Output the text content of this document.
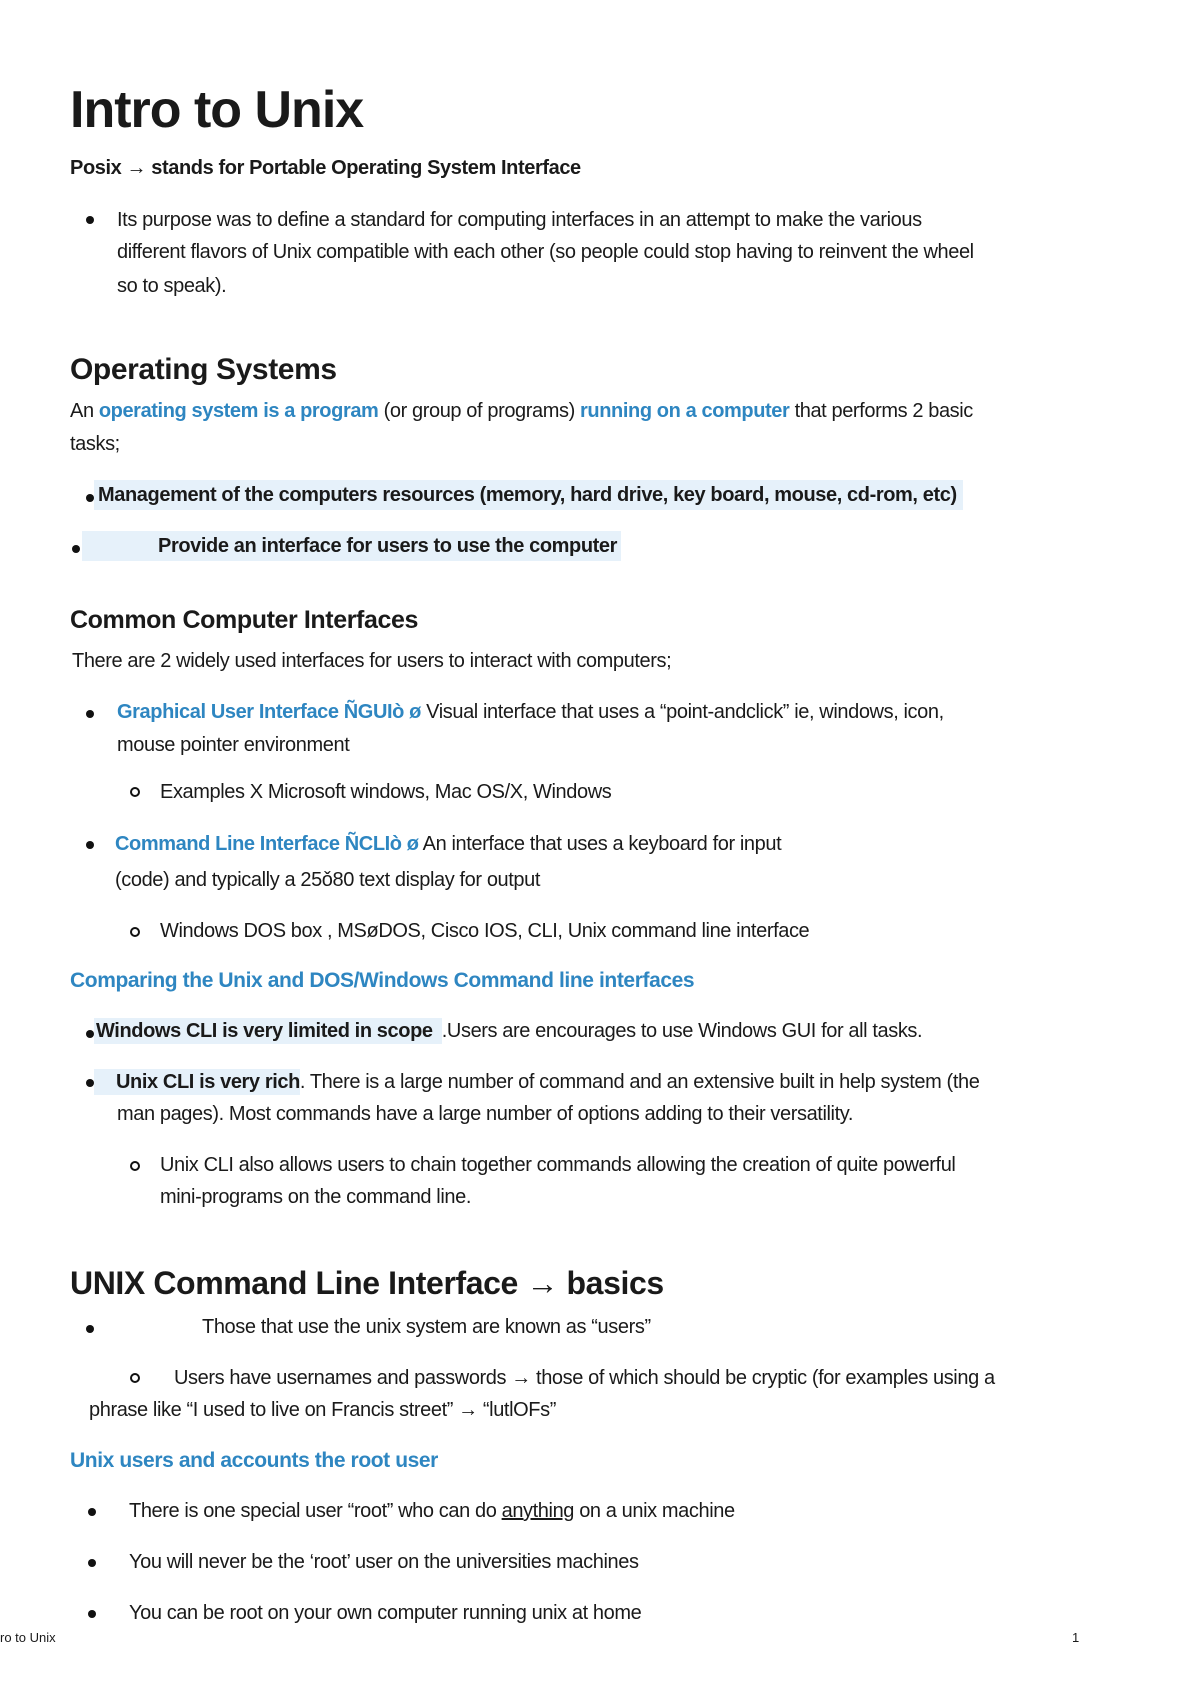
Intro to Unix
Posix → stands for Portable Operating System Interface
Its purpose was to define a standard for computing interfaces in an attempt to make the various
different flavors of Unix compatible with each other (so people could stop having to reinvent the wheel
so to speak).
Operating Systems
An operating system is a program (or group of programs) running on a computer that performs 2 basic
tasks;
Management of the computers resources (memory, hard drive, key board, mouse, cd-rom, etc)
Provide an interface for users to use the computer
Common Computer Interfaces
There are 2 widely used interfaces for users to interact with computers;
Graphical User Interface ÑGUIò ø Visual interface that uses a “point-andclick” ie, windows, icon,
mouse pointer environment
Examples X Microsoft windows, Mac OS/X, Windows
Command Line Interface ÑCLIò ø An interface that uses a keyboard for input
(code) and typically a 25ǒ80 text display for output
Windows DOS box , MSøDOS, Cisco IOS, CLI, Unix command line interface
Comparing the Unix and DOS/Windows Command line interfaces
Windows CLI is very limited in scope .Users are encourages to use Windows GUI for all tasks.
Unix CLI is very rich. There is a large number of command and an extensive built in help system (the
man pages). Most commands have a large number of options adding to their versatility.
Unix CLI also allows users to chain together commands allowing the creation of quite powerful
mini-programs on the command line.
UNIX Command Line Interface → basics
Those that use the unix system are known as “users”
Users have usernames and passwords → those of which should be cryptic (for examples using a
phrase like “I used to live on Francis street” → “lutlOFs”
Unix users and accounts the root user
There is one special user “root” who can do anything on a unix machine
You will never be the ‘root’ user on the universities machines
You can be root on your own computer running unix at home
ro to Unix	1
